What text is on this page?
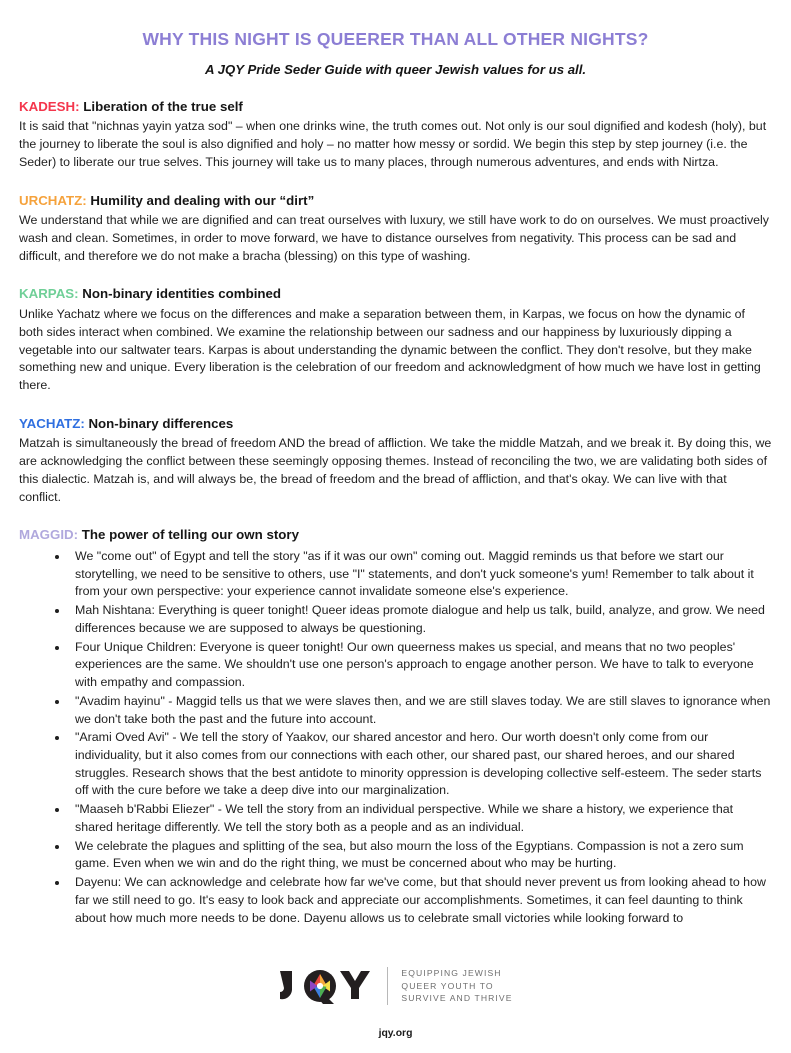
WHY THIS NIGHT IS QUEERER THAN ALL OTHER NIGHTS?
A JQY Pride Seder Guide with queer Jewish values for us all.
KADESH: Liberation of the true self

It is said that "nichnas yayin yatza sod" – when one drinks wine, the truth comes out. Not only is our soul dignified and kodesh (holy), but the journey to liberate the soul is also dignified and holy – no matter how messy or sordid. We begin this step by step journey (i.e. the Seder) to liberate our true selves. This journey will take us to many places, through numerous adventures, and ends with Nirtza.

URCHATZ: Humility and dealing with our “dirt”

We understand that while we are dignified and can treat ourselves with luxury, we still have work to do on ourselves. We must proactively wash and clean. Sometimes, in order to move forward, we have to distance ourselves from negativity. This process can be sad and difficult, and therefore we do not make a bracha (blessing) on this type of washing.

KARPAS: Non-binary identities combined

Unlike Yachatz where we focus on the differences and make a separation between them, in Karpas, we focus on how the dynamic of both sides interact when combined. We examine the relationship between our sadness and our happiness by luxuriously dipping a vegetable into our saltwater tears. Karpas is about understanding the dynamic between the conflict. They don't resolve, but they make something new and unique. Every liberation is the celebration of our freedom and acknowledgment of how much we have lost in getting there.

YACHATZ: Non-binary differences

Matzah is simultaneously the bread of freedom AND the bread of affliction. We take the middle Matzah, and we break it. By doing this, we are acknowledging the conflict between these seemingly opposing themes. Instead of reconciling the two, we are validating both sides of this dialectic. Matzah is, and will always be, the bread of freedom and the bread of affliction, and that's okay. We can live with that conflict.

MAGGID: The power of telling our own story
We "come out" of Egypt and tell the story "as if it was our own" coming out. Maggid reminds us that before we start our storytelling, we need to be sensitive to others, use "I" statements, and don't yuck someone's yum! Remember to talk about it from your own perspective: your experience cannot invalidate someone else's experience.
Mah Nishtana: Everything is queer tonight! Queer ideas promote dialogue and help us talk, build, analyze, and grow. We need differences because we are supposed to always be questioning.
Four Unique Children: Everyone is queer tonight! Our own queerness makes us special, and means that no two peoples' experiences are the same. We shouldn't use one person's approach to engage another person. We have to talk to everyone with empathy and compassion.
"Avadim hayinu" - Maggid tells us that we were slaves then, and we are still slaves today. We are still slaves to ignorance when we don't take both the past and the future into account.
"Arami Oved Avi" - We tell the story of Yaakov, our shared ancestor and hero. Our worth doesn't only come from our individuality, but it also comes from our connections with each other, our shared past, our shared heroes, and our shared struggles. Research shows that the best antidote to minority oppression is developing collective self-esteem. The seder starts off with the cure before we take a deep dive into our marginalization.
"Maaseh b'Rabbi Eliezer" - We tell the story from an individual perspective. While we share a history, we experience that shared heritage differently. We tell the story both as a people and as an individual.
We celebrate the plagues and splitting of the sea, but also mourn the loss of the Egyptians. Compassion is not a zero sum game. Even when we win and do the right thing, we must be concerned about who may be hurting.
Dayenu: We can acknowledge and celebrate how far we've come, but that should never prevent us from looking ahead to how far we still need to go. It's easy to look back and appreciate our accomplishments. Sometimes, it can feel daunting to think about how much more needs to be done. Dayenu allows us to celebrate small victories while looking forward to
EQUIPPING JEWISH
QUEER YOUTH TO
SURVIVE AND THRIVE
jqy.org
